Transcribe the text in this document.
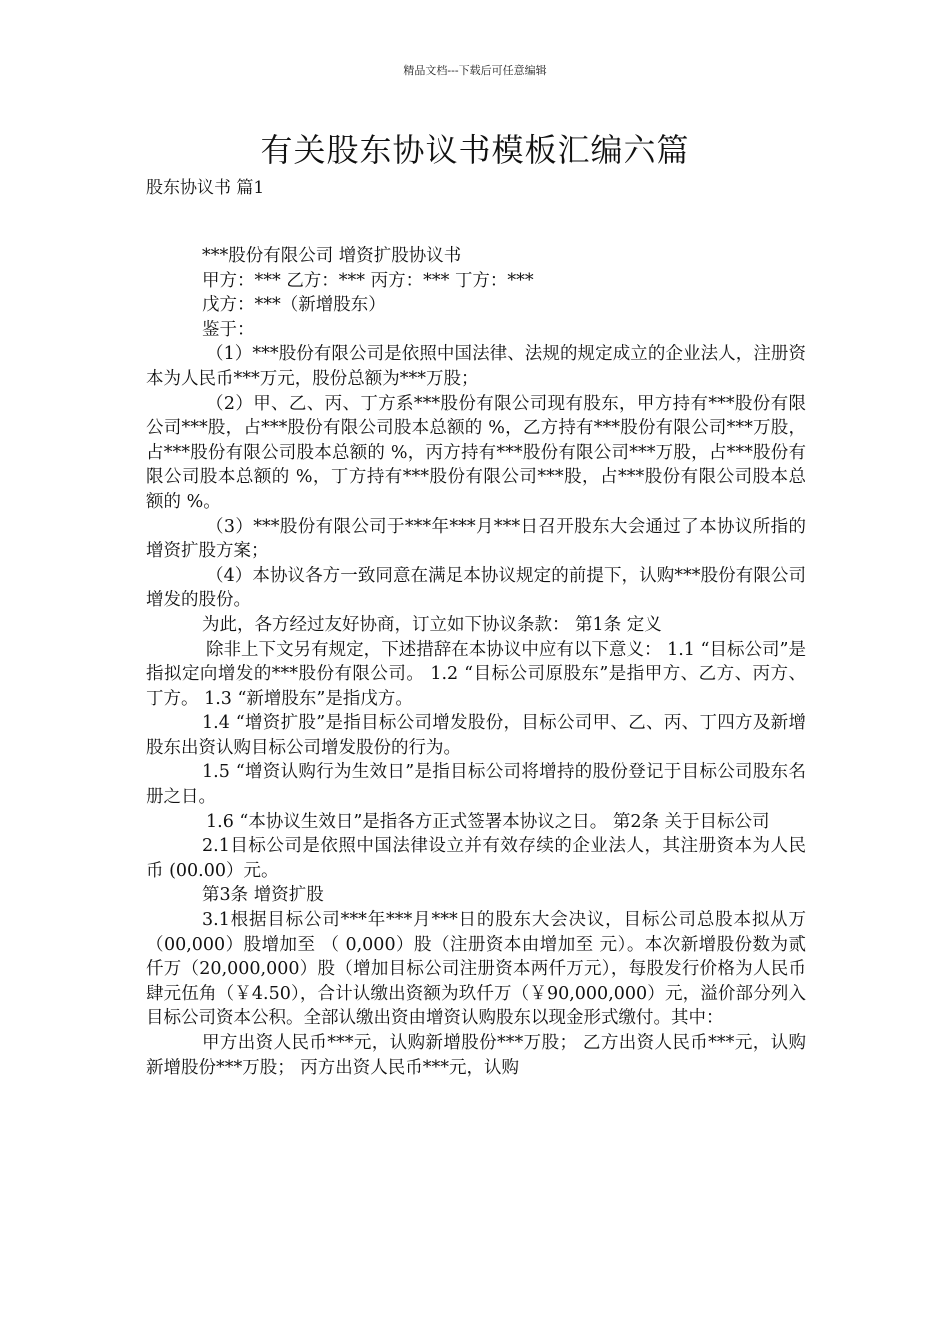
精品文档---下载后可任意编辑
有关股东协议书模板汇编六篇
股东协议书 篇1

***股份有限公司 增资扩股协议书

甲方：*** 乙方：*** 丙方：*** 丁方：***

戊方：***（新增股东）

鉴于：

（1）***股份有限公司是依照中国法律、法规的规定成立的企业法人，注册资本为人民币***万元，股份总额为***万股；

（2）甲、乙、丙、丁方系***股份有限公司现有股东，甲方持有***股份有限公司***股，占***股份有限公司股本总额的 %，乙方持有***股份有限公司***万股，占***股份有限公司股本总额的 %，丙方持有***股份有限公司***万股，占***股份有限公司股本总额的 %，丁方持有***股份有限公司***股，占***股份有限公司股本总额的 %。

（3）***股份有限公司于***年***月***日召开股东大会通过了本协议所指的增资扩股方案；

（4）本协议各方一致同意在满足本协议规定的前提下，认购***股份有限公司增发的股份。

为此，各方经过友好协商，订立如下协议条款： 第1条 定义

除非上下文另有规定，下述措辞在本协议中应有以下意义： 1.1 “目标公司”是指拟定向增发的***股份有限公司。 1.2 “目标公司原股东”是指甲方、乙方、丙方、丁方。 1.3 “新增股东”是指戊方。

1.4 “增资扩股”是指目标公司增发股份，目标公司甲、乙、丙、丁四方及新增股东出资认购目标公司增发股份的行为。

1.5 “增资认购行为生效日”是指目标公司将增持的股份登记于目标公司股东名册之日。

1.6 “本协议生效日”是指各方正式签署本协议之日。 第2条 关于目标公司

2.1目标公司是依照中国法律设立并有效存续的企业法人，其注册资本为人民币 (00.00）元。

第3条 增资扩股

3.1根据目标公司***年***月***日的股东大会决议，目标公司总股本拟从万（00,000）股增加至 （ 0,000）股（注册资本由增加至 元）。本次新增股份数为贰仟万（20,000,000）股（增加目标公司注册资本两仟万元），每股发行价格为人民币肆元伍角（￥4.50），合计认缴出资额为玖仟万（￥90,000,000）元，溢价部分列入目标公司资本公积。全部认缴出资由增资认购股东以现金形式缴付。其中：

甲方出资人民币***元，认购新增股份***万股； 乙方出资人民币***元，认购新增股份***万股； 丙方出资人民币***元，认购
